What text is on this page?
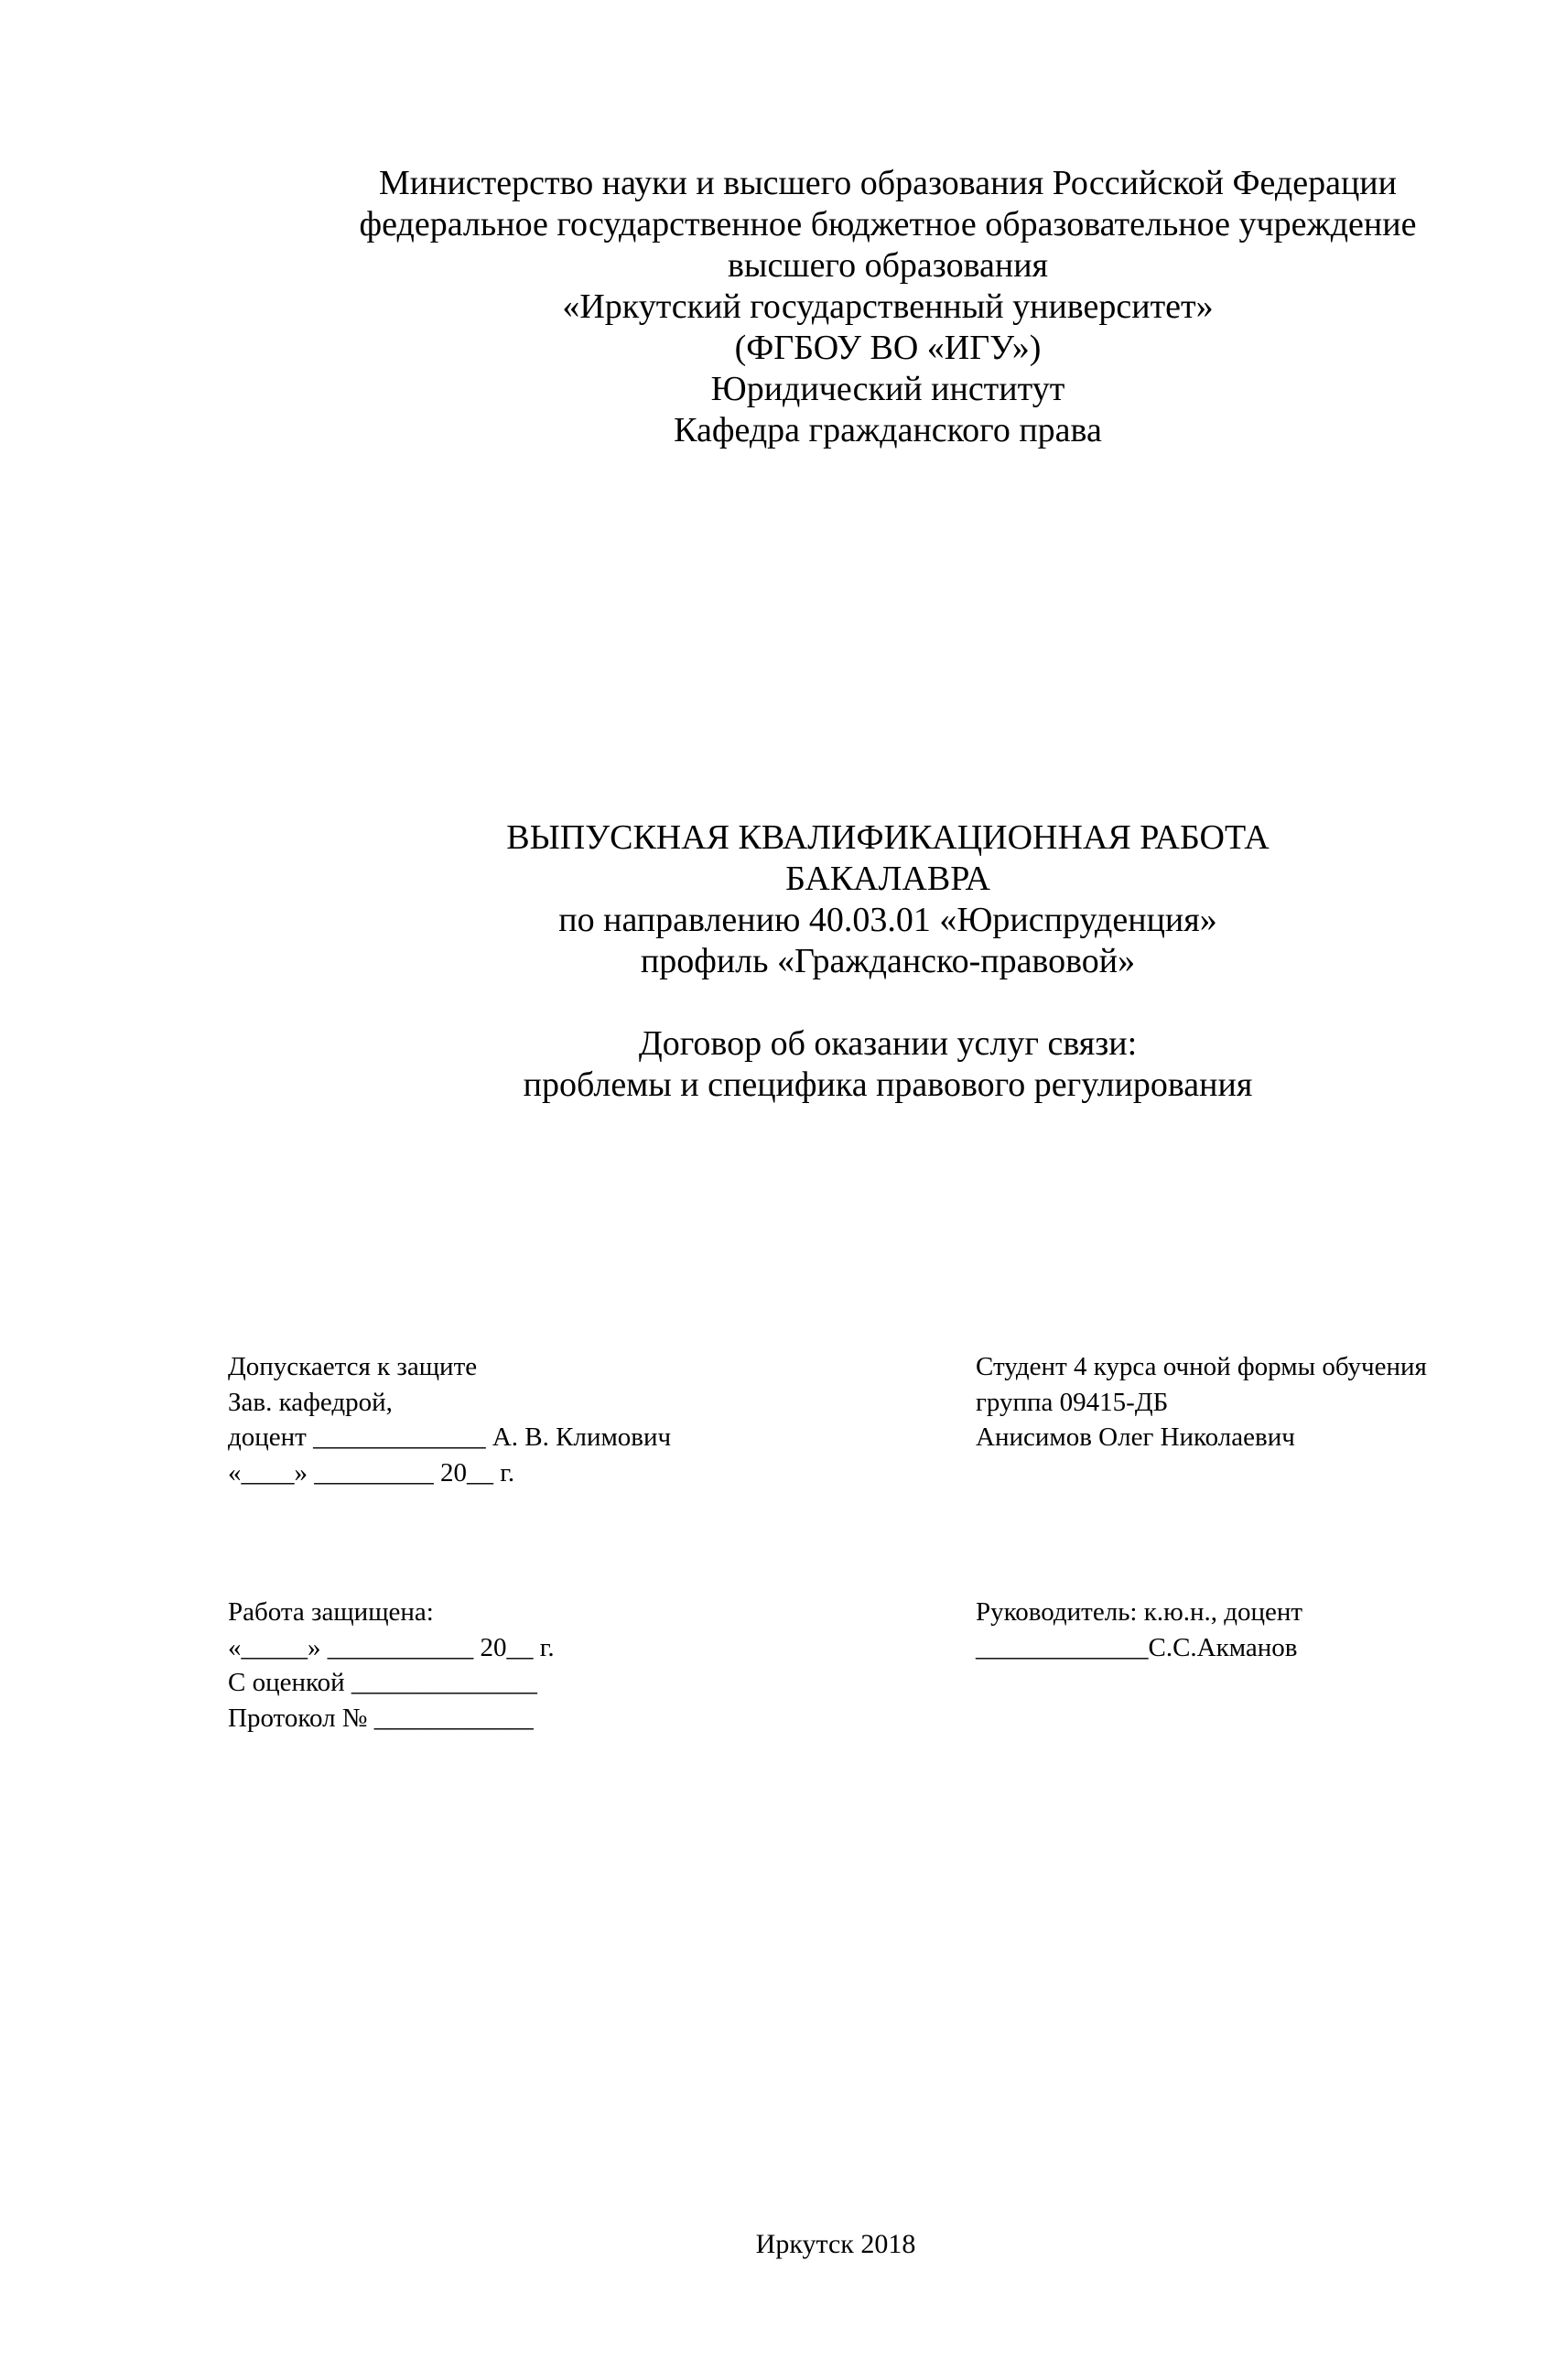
Министерство науки и высшего образования Российской Федерации
федеральное государственное бюджетное образовательное учреждение
высшего образования
«Иркутский государственный университет»
(ФГБОУ ВО «ИГУ»)
Юридический институт
Кафедра гражданского права
ВЫПУСКНАЯ КВАЛИФИКАЦИОННАЯ РАБОТА
БАКАЛАВРА
по направлению 40.03.01 «Юриспруденция»
профиль «Гражданско-правовой»
Договор об оказании услуг связи:
проблемы и специфика правового регулирования
Допускается к защите
Зав. кафедрой,
доцент _____________ А. В. Климович
«____» _________ 20__ г.
Студент 4 курса очной формы обучения
группа 09415-ДБ
Анисимов Олег Николаевич
Работа защищена:
«_____» ___________ 20__ г.
С оценкой ______________
Протокол № ____________
Руководитель: к.ю.н., доцент
_____________С.С.Акманов
Иркутск 2018
